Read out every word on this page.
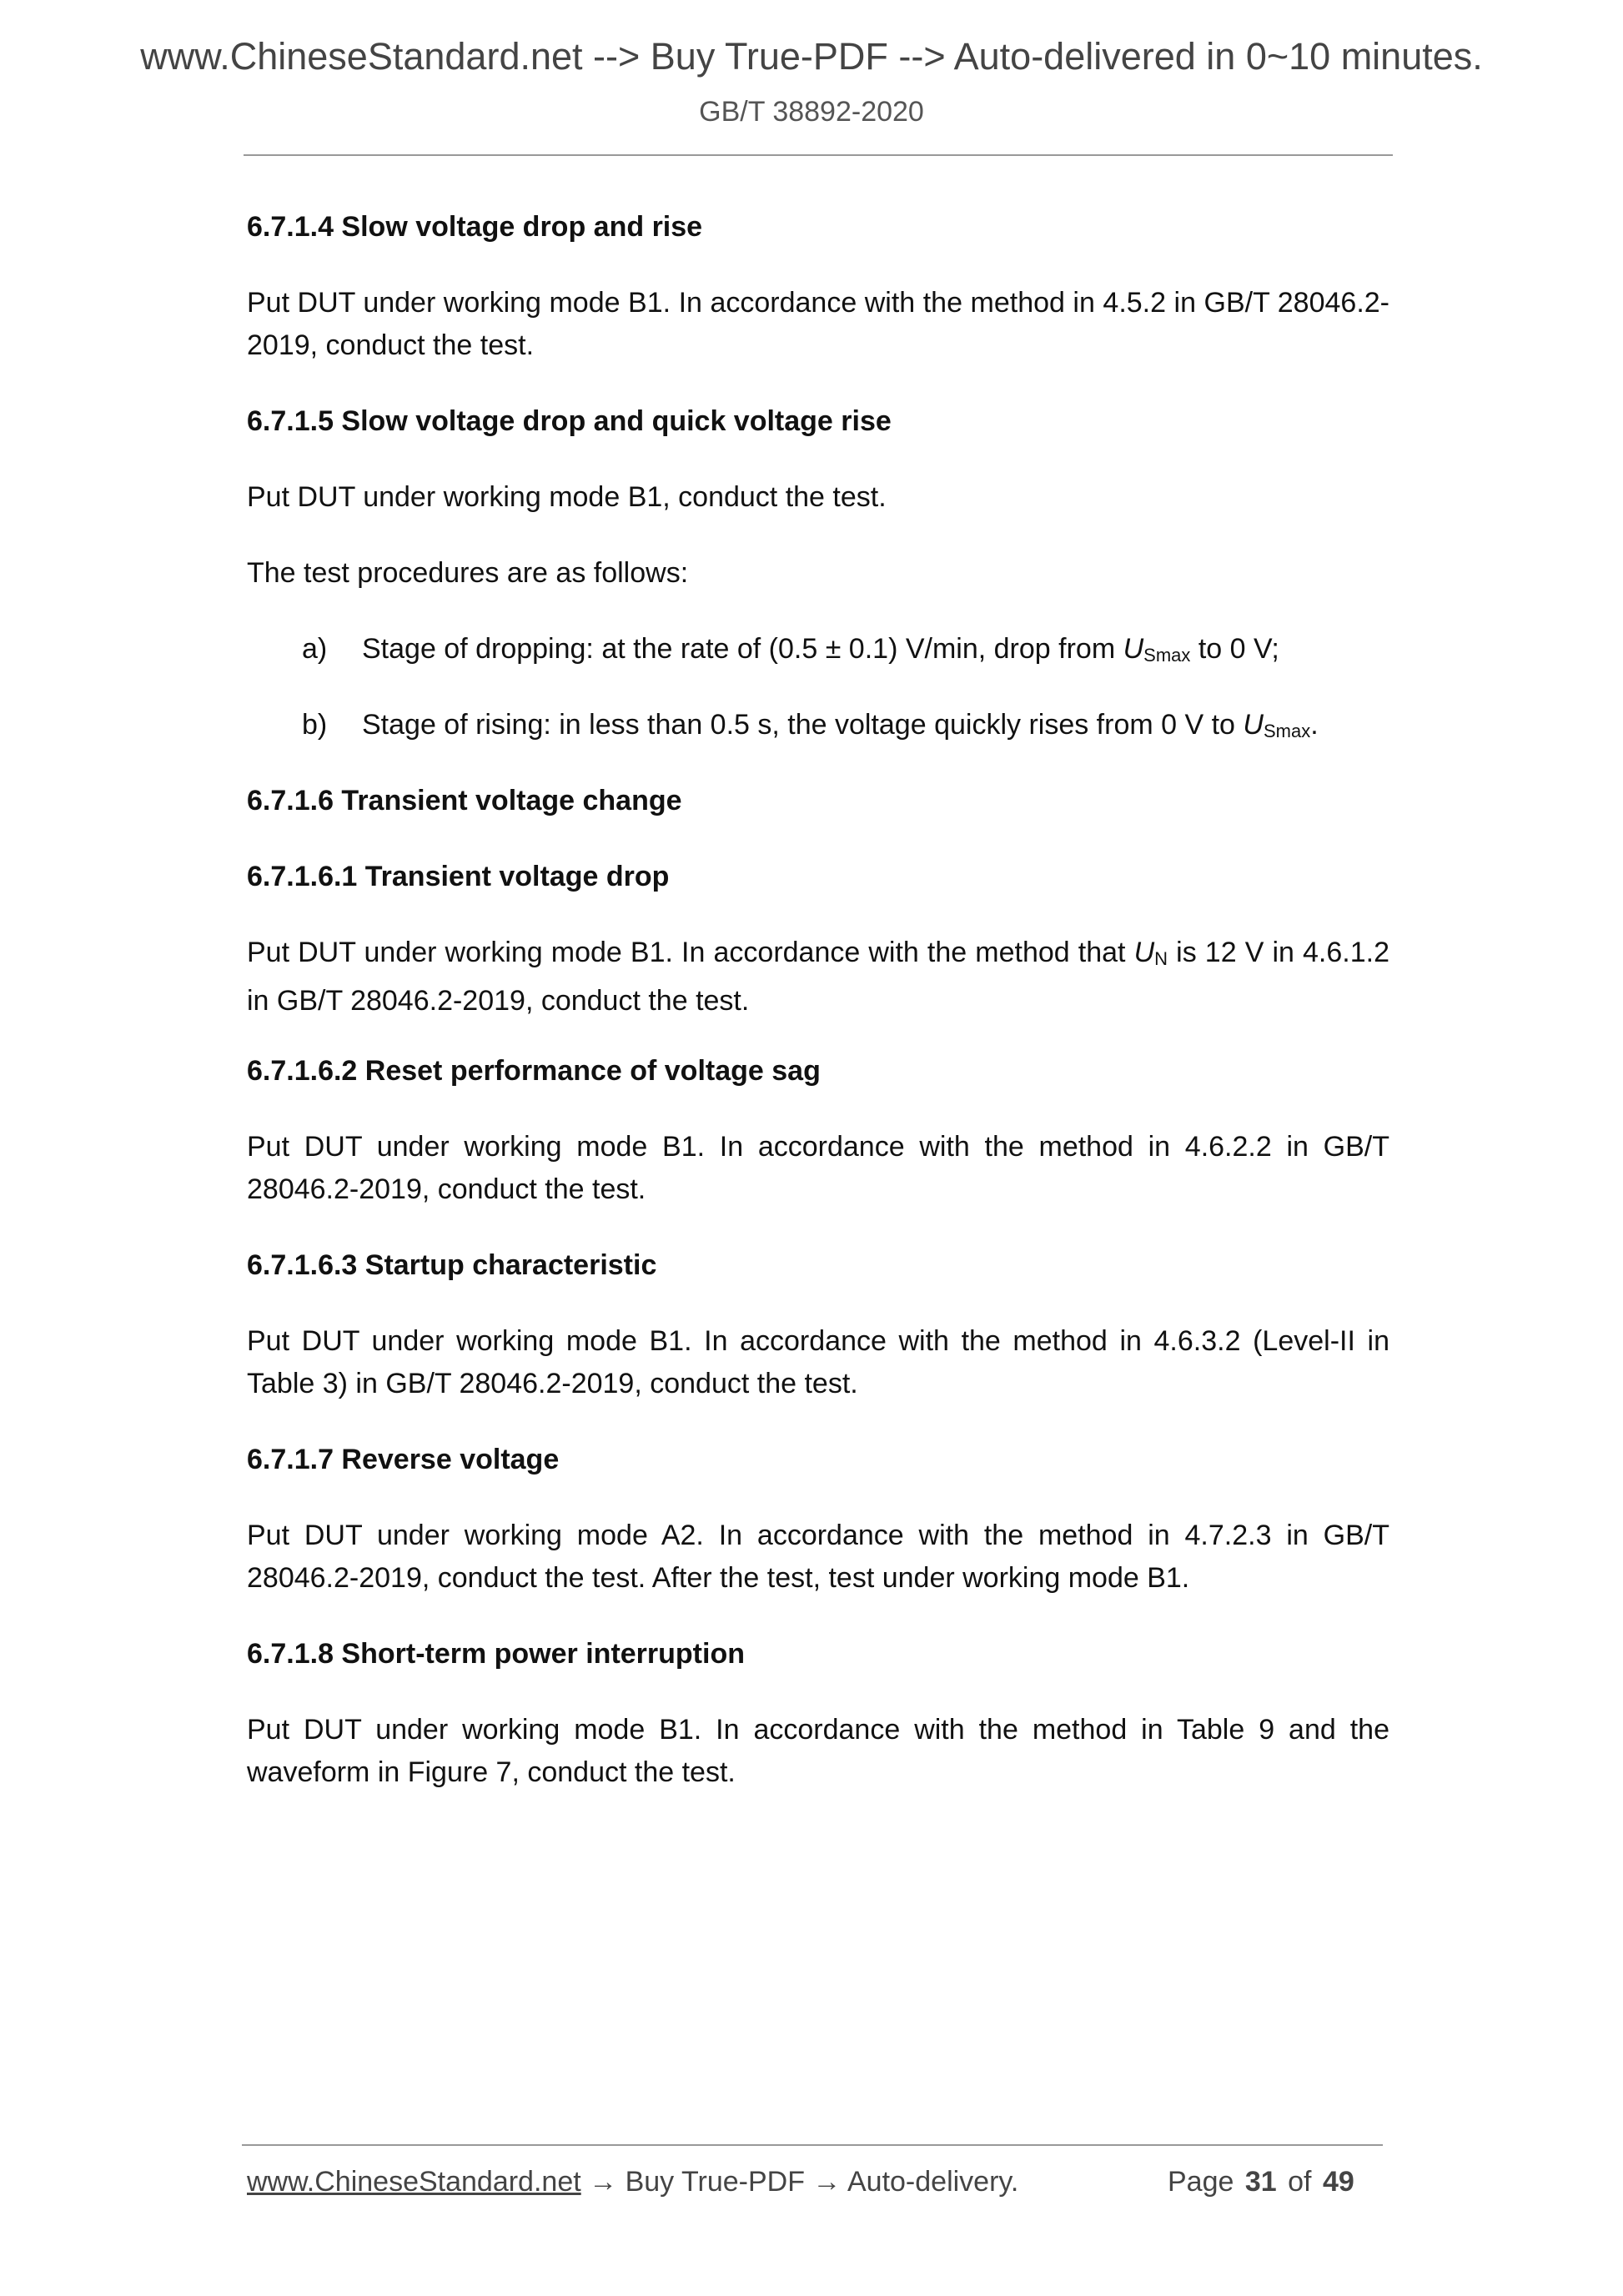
www.ChineseStandard.net --> Buy True-PDF --> Auto-delivered in 0~10 minutes.
GB/T 38892-2020
6.7.1.4 Slow voltage drop and rise
Put DUT under working mode B1. In accordance with the method in 4.5.2 in GB/T 28046.2-2019, conduct the test.
6.7.1.5 Slow voltage drop and quick voltage rise
Put DUT under working mode B1, conduct the test.
The test procedures are as follows:
a) Stage of dropping: at the rate of (0.5 ± 0.1) V/min, drop from $U_{Smax}$ to 0 V;
b) Stage of rising: in less than 0.5 s, the voltage quickly rises from 0 V to $U_{Smax}$.
6.7.1.6 Transient voltage change
6.7.1.6.1 Transient voltage drop
Put DUT under working mode B1. In accordance with the method that $U_N$ is 12 V in 4.6.1.2 in GB/T 28046.2-2019, conduct the test.
6.7.1.6.2 Reset performance of voltage sag
Put DUT under working mode B1. In accordance with the method in 4.6.2.2 in GB/T 28046.2-2019, conduct the test.
6.7.1.6.3 Startup characteristic
Put DUT under working mode B1. In accordance with the method in 4.6.3.2 (Level-II in Table 3) in GB/T 28046.2-2019, conduct the test.
6.7.1.7 Reverse voltage
Put DUT under working mode A2. In accordance with the method in 4.7.2.3 in GB/T 28046.2-2019, conduct the test. After the test, test under working mode B1.
6.7.1.8 Short-term power interruption
Put DUT under working mode B1. In accordance with the method in Table 9 and the waveform in Figure 7, conduct the test.
www.ChineseStandard.net → Buy True-PDF → Auto-delivery.	Page 31 of 49
